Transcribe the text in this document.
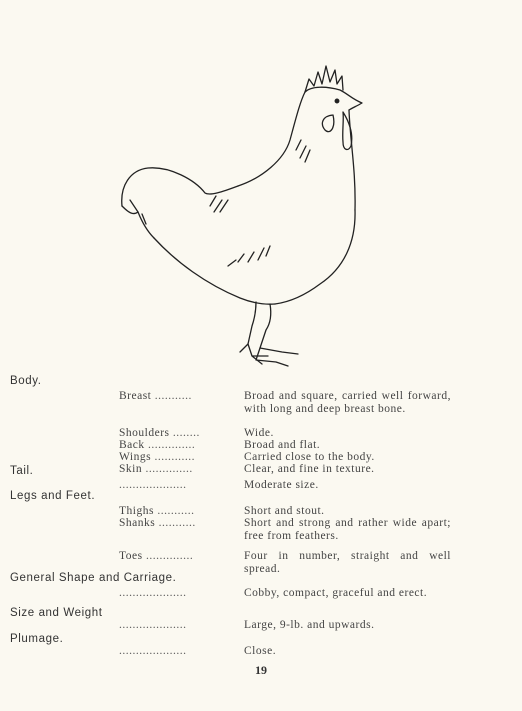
Body.
Breast ...........	Broad and square, carried well forward, with long and deep breast bone.
Shoulders ........	Wide.
Back ..............	Broad and flat.
Wings ............	Carried close to the body.
Skin ..............	Clear, and fine in texture.
Tail.
....................	Moderate size.
Legs and Feet.
Thighs ...........	Short and stout.
Shanks ...........	Short and strong and rather wide apart; free from feathers.
Toes ..............	Four in number, straight and well spread.
General Shape and Carriage.
....................	Cobby, compact, graceful and erect.
Size and Weight
....................	Large, 9-lb. and upwards.
Plumage.
....................	Close.
19
